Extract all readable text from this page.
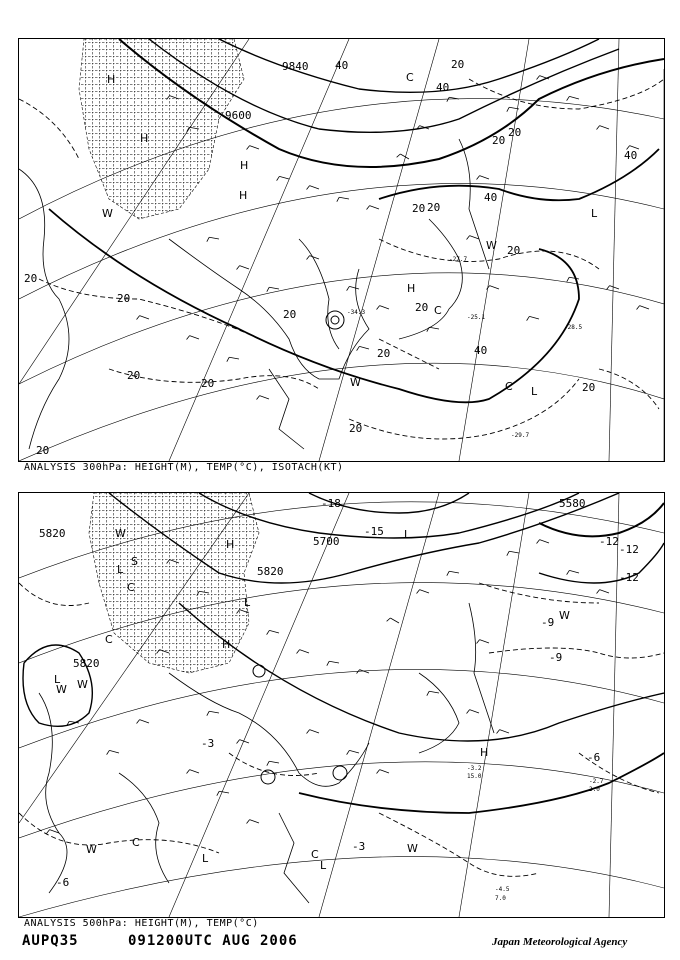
9840
9600
40	20
40
20
40
20
20
20
20
20
20
20	40
20
20
20
20
20
20
40
20
H
H
H
H
W
H
C
W	C L
C
L
W
-34.3
-29.7
-25.1
-27.7
-28.5
ANALYSIS 300hPa: HEIGHT(M), TEMP(°C), ISOTACH(KT)
5820
5700
5820
5820
5580
-18
-15
-12
-12
-12
-9
-9
-6
-3
-3
-6
W
L
S
C
C	H
H
L
L
W
H
W
C
L	C
L
W
W W
L
-4.5
7.0
-3.2
15.0
-2.7
2.0
ANALYSIS 500hPa: HEIGHT(M), TEMP(°C)
AUPQ35	091200UTC AUG 2006	Japan Meteorological Agency
